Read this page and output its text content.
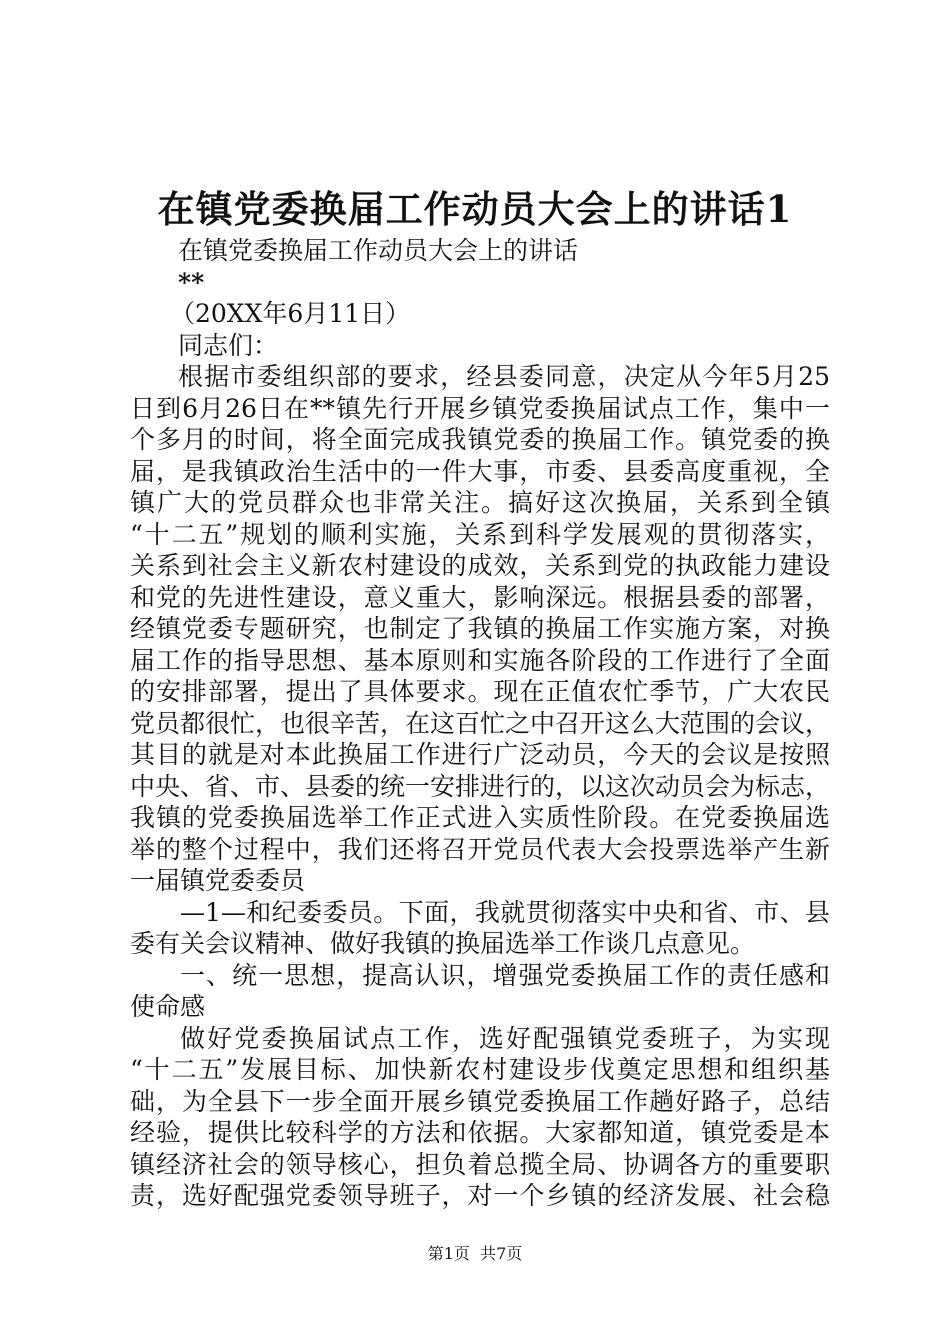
在镇党委换届工作动员大会上的讲话1
在镇党委换届工作动员大会上的讲话
**
（20XX年6月11日）
同志们：
根据市委组织部的要求，经县委同意，决定从今年5月25
日到6月26日在**镇先行开展乡镇党委换届试点工作，集中一
个多月的时间，将全面完成我镇党委的换届工作。镇党委的换
届，是我镇政治生活中的一件大事，市委、县委高度重视，全
镇广大的党员群众也非常关注。搞好这次换届，关系到全镇
“十二五”规划的顺利实施，关系到科学发展观的贯彻落实，
关系到社会主义新农村建设的成效，关系到党的执政能力建设
和党的先进性建设，意义重大，影响深远。根据县委的部署，
经镇党委专题研究，也制定了我镇的换届工作实施方案，对换
届工作的指导思想、基本原则和实施各阶段的工作进行了全面
的安排部署，提出了具体要求。现在正值农忙季节，广大农民
党员都很忙，也很辛苦，在这百忙之中召开这么大范围的会议，
其目的就是对本此换届工作进行广泛动员，今天的会议是按照
中央、省、市、县委的统一安排进行的，以这次动员会为标志，
我镇的党委换届选举工作正式进入实质性阶段。在党委换届选
举的整个过程中，我们还将召开党员代表大会投票选举产生新
一届镇党委委员
—1—和纪委委员。下面，我就贯彻落实中央和省、市、县
委有关会议精神、做好我镇的换届选举工作谈几点意见。
一、统一思想，提高认识，增强党委换届工作的责任感和
使命感
做好党委换届试点工作，选好配强镇党委班子，为实现
“十二五”发展目标、加快新农村建设步伐奠定思想和组织基
础，为全县下一步全面开展乡镇党委换届工作趟好路子，总结
经验，提供比较科学的方法和依据。大家都知道，镇党委是本
镇经济社会的领导核心，担负着总揽全局、协调各方的重要职
责，选好配强党委领导班子，对一个乡镇的经济发展、社会稳
第1页  共7页
